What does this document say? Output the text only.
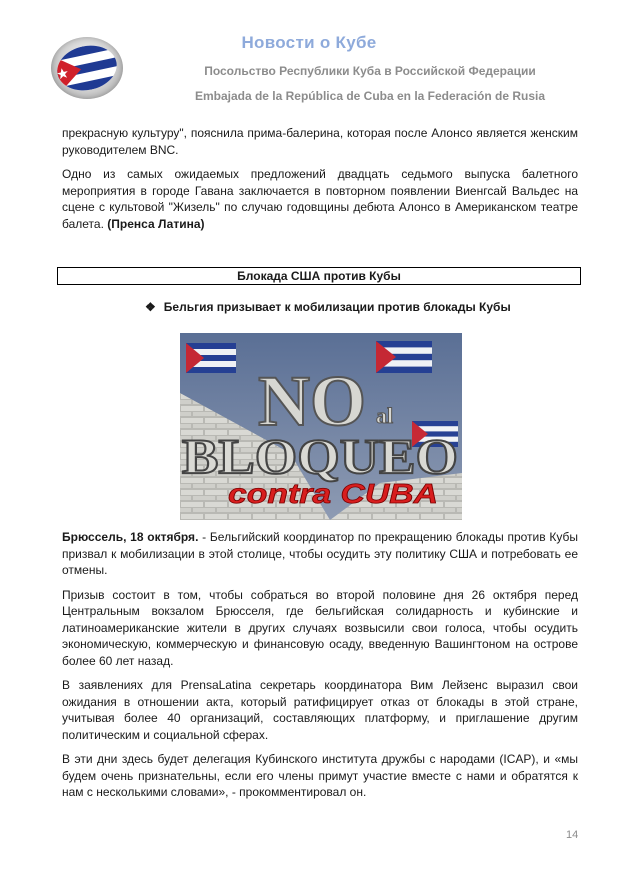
Новости о Кубе
Посольство Республики Куба в Российской Федерации
Embajada de la República de Cuba en la Federación de Rusia

прекрасную культуру", пояснила прима-балерина, которая после Алонсо является женским руководителем BNC.

Одно из самых ожидаемых предложений двадцать седьмого выпуска балетного мероприятия в городе Гавана заключается в повторном появлении Виенгсай Вальдес на сцене с культовой "Жизель" по случаю годовщины дебюта Алонсо в Американском театре балета. (Пренса Латина)

Блокада США против Кубы
❖ Бельгия призывает к мобилизации против блокады Кубы
NO al
BLOQUEO
contra CUBA

Брюссель, 18 октября. - Бельгийский координатор по прекращению блокады против Кубы призвал к мобилизации в этой столице, чтобы осудить эту политику США и потребовать ее отмены.

Призыв состоит в том, чтобы собраться во второй половине дня 26 октября перед Центральным вокзалом Брюсселя, где бельгийская солидарность и кубинские и латиноамериканские жители в других случаях возвысили свои голоса, чтобы осудить экономическую, коммерческую и финансовую осаду, введенную Вашингтоном на острове более 60 лет назад.

В заявлениях для PrensaLatina секретарь координатора Вим Лейзенс выразил свои ожидания в отношении акта, который ратифицирует отказ от блокады в этой стране, учитывая более 40 организаций, составляющих платформу, и приглашение другим политическим и социальной сферах.

В эти дни здесь будет делегация Кубинского института дружбы с народами (ICAP), и «мы будем очень признательны, если его члены примут участие вместе с нами и обратятся к нам с несколькими словами», - прокомментировал он.

14
